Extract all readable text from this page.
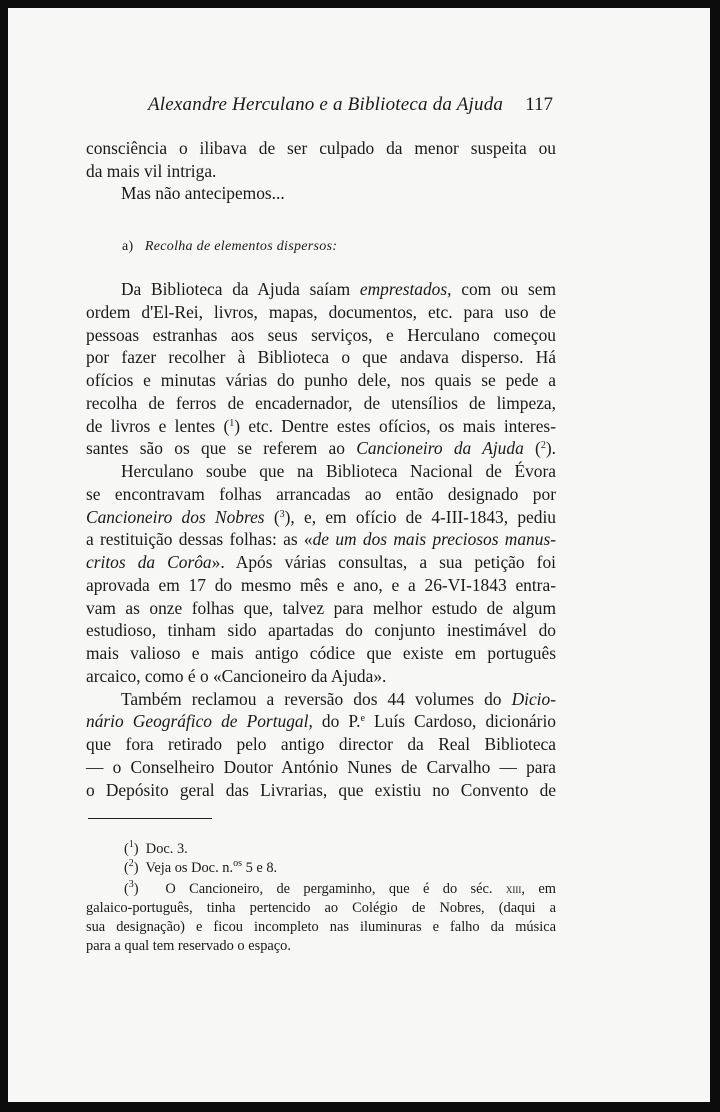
Alexandre Herculano e a Biblioteca da Ajuda 117
consciência o ilibava de ser culpado da menor suspeita ou
da mais vil intriga.
Mas não antecipemos...
a) Recolha de elementos dispersos:
Da Biblioteca da Ajuda saíam emprestados, com ou sem
ordem d'El-Rei, livros, mapas, documentos, etc. para uso de
pessoas estranhas aos seus serviços, e Herculano começou
por fazer recolher à Biblioteca o que andava disperso. Há
ofícios e minutas várias do punho dele, nos quais se pede a
recolha de ferros de encadernador, de utensílios de limpeza,
de livros e lentes ($^1$) etc. Dentre estes ofícios, os mais interes-
santes são os que se referem ao Cancioneiro da Ajuda ($^2$).
Herculano soube que na Biblioteca Nacional de Évora
se encontravam folhas arrancadas ao então designado por
Cancioneiro dos Nobres ($^3$), e, em ofício de 4-III-1843, pediu
a restituição dessas folhas: as «de um dos mais preciosos manus-
critos da Corôa». Após várias consultas, a sua petição foi
aprovada em 17 do mesmo mês e ano, e a 26-VI-1843 entra-
vam as onze folhas que, talvez para melhor estudo de algum
estudioso, tinham sido apartadas do conjunto inestimável do
mais valioso e mais antigo códice que existe em português
arcaico, como é o «Cancioneiro da Ajuda».
Também reclamou a reversão dos 44 volumes do Dicio-
nário Geográfico de Portugal, do P.$^e$ Luís Cardoso, dicionário
que fora retirado pelo antigo director da Real Biblioteca
— o Conselheiro Doutor António Nunes de Carvalho — para
o Depósito geral das Livrarias, que existiu no Convento de
($^1$)  Doc. 3.
($^2$)  Veja os Doc. n.$^{os}$ 5 e 8.
($^3$)  O Cancioneiro, de pergaminho, que é do séc. xiii, em
galaico-português, tinha pertencido ao Colégio de Nobres, (daqui a
sua designação) e ficou incompleto nas iluminuras e falho da música
para a qual tem reservado o espaço.
